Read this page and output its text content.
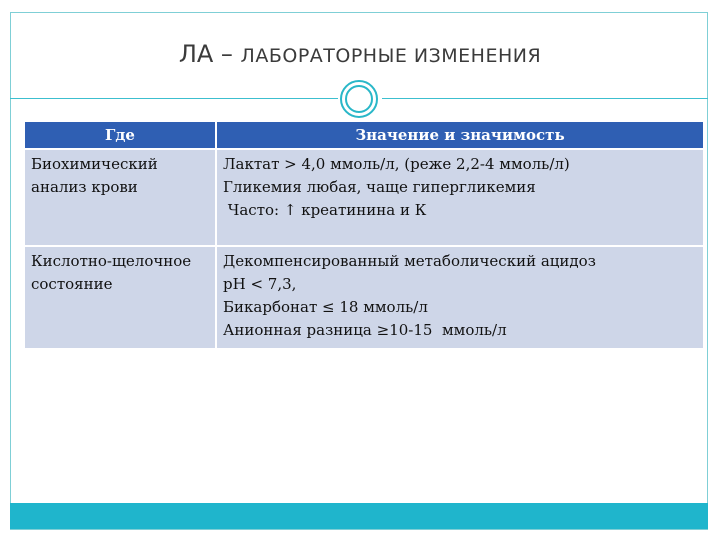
ЛА – ЛАБОРАТОРНЫЕ ИЗМЕНЕНИЯ
Где	Значение и значимость

Биохимический
анализ крови	Лактат > 4,0 ммоль/л, (реже 2,2-4 ммоль/л)
Гликемия любая, чаще гипергликемия
Часто: ↑ креатинина и К

Кислотно-щелочное
состояние	Декомпенсированный метаболический ацидоз
рН < 7,3,
Бикарбонат ≤ 18 ммоль/л
Анионная разница ≥10-15  ммоль/л
